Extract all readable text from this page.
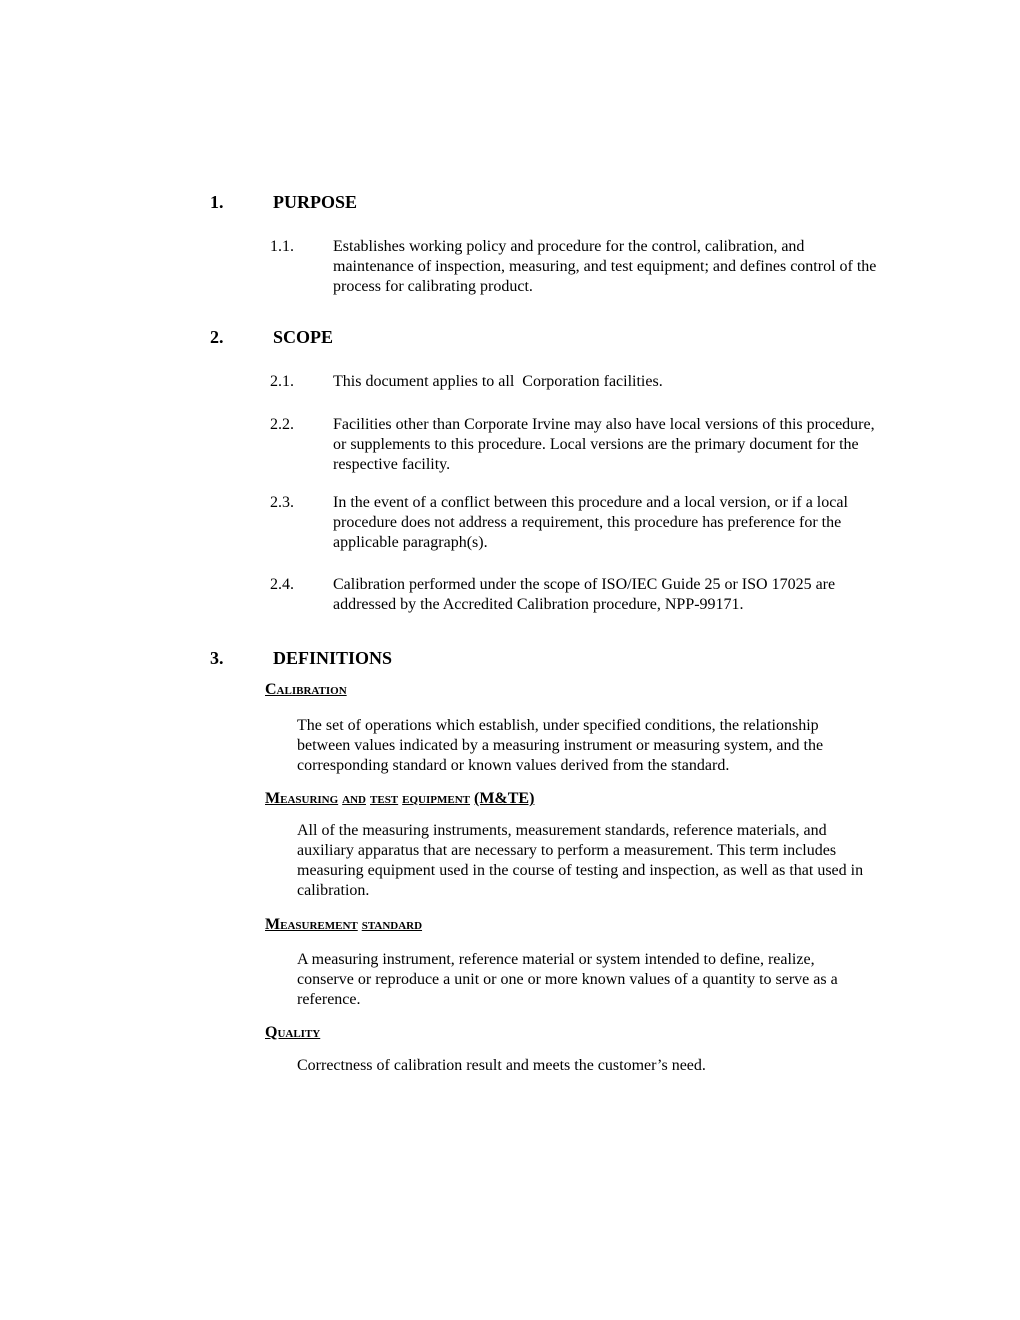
1.	PURPOSE
1.1. Establishes working policy and procedure for the control, calibration, and
maintenance of inspection, measuring, and test equipment; and defines control of the
process for calibrating product.
2.	SCOPE
2.1. This document applies to all  Corporation facilities.
2.2. Facilities other than Corporate Irvine may also have local versions of this procedure,
or supplements to this procedure. Local versions are the primary document for the
respective facility.
2.3. In the event of a conflict between this procedure and a local version, or if a local
procedure does not address a requirement, this procedure has preference for the
applicable paragraph(s).
2.4. Calibration performed under the scope of ISO/IEC Guide 25 or ISO 17025 are
addressed by the Accredited Calibration procedure, NPP-99171.
3.	DEFINITIONS
Calibration
The set of operations which establish, under specified conditions, the relationship
between values indicated by a measuring instrument or measuring system, and the
corresponding standard or known values derived from the standard.
Measuring and test equipment (M&TE)
All of the measuring instruments, measurement standards, reference materials, and
auxiliary apparatus that are necessary to perform a measurement. This term includes
measuring equipment used in the course of testing and inspection, as well as that used in
calibration.
Measurement standard
A measuring instrument, reference material or system intended to define, realize,
conserve or reproduce a unit or one or more known values of a quantity to serve as a
reference.
Quality
Correctness of calibration result and meets the customer’s need.
